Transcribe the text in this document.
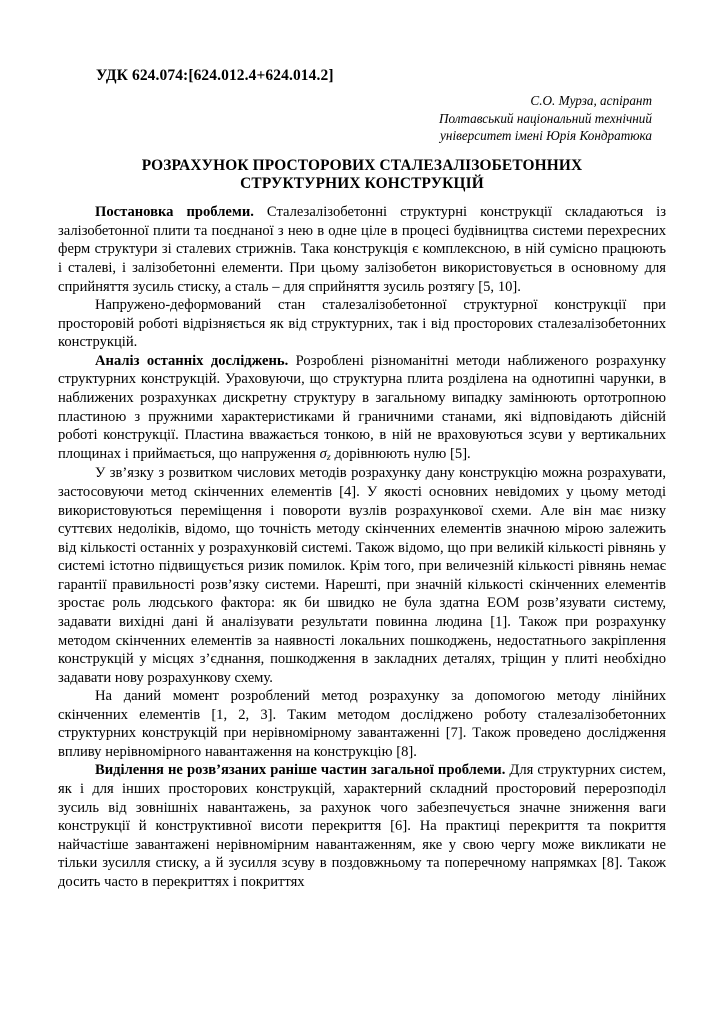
УДК 624.074:[624.012.4+624.014.2]
С.О. Мурза, аспірант
Полтавський національний технічний
університет імені Юрія Кондратюка
РОЗРАХУНОК ПРОСТОРОВИХ СТАЛЕЗАЛІЗОБЕТОННИХ
СТРУКТУРНИХ КОНСТРУКЦІЙ

Постановка проблеми. Сталезалізобетонні структурні конструкції складаються із залізобетонної плити та поєднаної з нею в одне ціле в процесі будівництва системи перехресних ферм структури зі сталевих стрижнів. Така конструкція є комплексною, в ній сумісно працюють і сталеві, і залізобетонні елементи. При цьому залізобетон використовується в основному для сприйняття зусиль стиску, а сталь – для сприйняття зусиль розтягу [5, 10].

Напружено-деформований стан сталезалізобетонної структурної конструкції при просторовій роботі відрізняється як від структурних, так і від просторових сталезалізобетонних конструкцій.

Аналіз останніх досліджень. Розроблені різноманітні методи наближеного розрахунку структурних конструкцій. Ураховуючи, що структурна плита розділена на однотипні чарунки, в наближених розрахунках дискретну структуру в загальному випадку замінюють ортотропною пластиною з пружними характеристиками й граничними станами, які відповідають дійсній роботі конструкції. Пластина вважається тонкою, в ній не враховуються зсуви у вертикальних площинах і приймається, що напруження $\sigma_z$ дорівнюють нулю [5].

У зв’язку з розвитком числових методів розрахунку дану конструкцію можна розрахувати, застосовуючи метод скінченних елементів [4]. У якості основних невідомих у цьому методі використовуються переміщення і повороти вузлів розрахункової схеми. Але він має низку суттєвих недоліків, відомо, що точність методу скінченних елементів значною мірою залежить від кількості останніх у розрахунковій системі. Також відомо, що при великій кількості рівнянь у системі істотно підвищується ризик помилок. Крім того, при величезній кількості рівнянь немає гарантії правильності розв’язку системи. Нарешті, при значній кількості скінченних елементів зростає роль людського фактора: як би швидко не була здатна ЕОМ розв’язувати систему, задавати вихідні дані й аналізувати результати повинна людина [1]. Також при розрахунку методом скінченних елементів за наявності локальних пошкоджень, недостатнього закріплення конструкцій у місцях з’єднання, пошкодження в закладних деталях, тріщин у плиті необхідно задавати нову розрахункову схему.

На даний момент розроблений метод розрахунку за допомогою методу лінійних скінченних елементів [1, 2, 3]. Таким методом досліджено роботу сталезалізобетонних структурних конструкцій при нерівномірному завантаженні [7]. Також проведено дослідження впливу нерівномірного навантаження на конструкцію [8].

Виділення не розв’язаних раніше частин загальної проблеми. Для структурних систем, як і для інших просторових конструкцій, характерний складний просторовий перерозподіл зусиль від зовнішніх навантажень, за рахунок чого забезпечується значне зниження ваги конструкції й конструктивної висоти перекриття [6]. На практиці перекриття та покриття найчастіше завантажені нерівномірним навантаженням, яке у свою чергу може викликати не тільки зусилля стиску, а й зусилля зсуву в поздовжньому та поперечному напрямках [8]. Також досить часто в перекриттях і покриттях
